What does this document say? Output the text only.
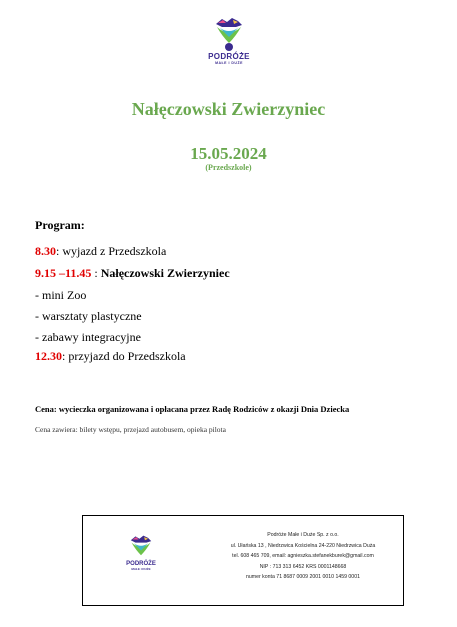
PODRÓŻE
MAŁE I DUŻE
Nałęczowski Zwierzyniec
15.05.2024
(Przedszkole)
Program:
8.30: wyjazd z Przedszkola
9.15 –11.45 : Nałęczowski Zwierzyniec
- mini Zoo
- warsztaty plastyczne
- zabawy integracyjne
12.30: przyjazd do Przedszkola
Cena: wycieczka organizowana i opłacana przez Radę Rodziców z okazji Dnia Dziecka
Cena zawiera: bilety wstępu, przejazd autobusem, opieka pilota
PODRÓŻE
MAŁE I DUŻE
Podróże Małe i Duże Sp. z o.o.
ul. Ułańska 13 , Niedrzwica Kościelna 24-220 Niedrzwica Duża
tel. 608 465 709, email: agnieszka.stefanekburek@gmail.com
NIP : 713 313 6452 KRS 0001148668
numer konta 71 8687 0009 2001 0010 1459 0001
